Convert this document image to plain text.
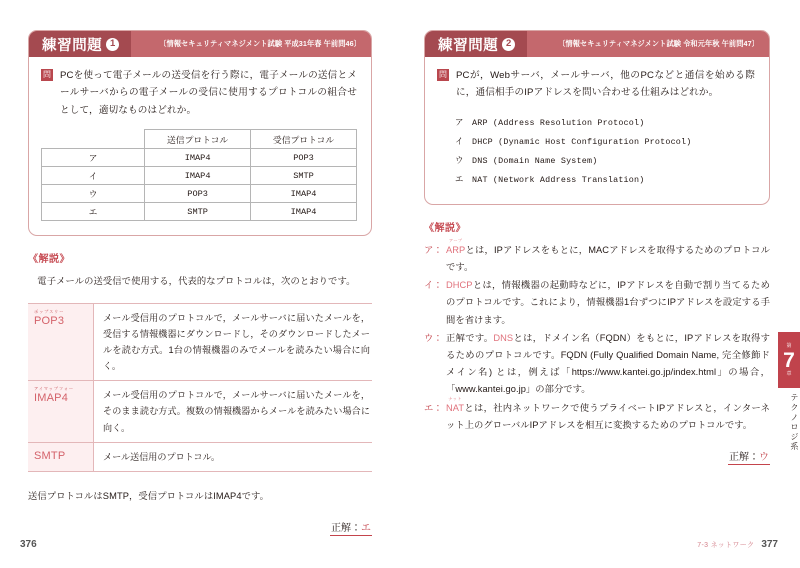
練習問題 1	〔情報セキュリティマネジメント試験 平成31年春 午前問46〕
問 PCを使って電子メールの送受信を行う際に，電子メールの送信とメールサーバからの電子メールの受信に使用するプロトコルの組合せとして，適切なものはどれか。
	送信プロトコル	受信プロトコル
ア	IMAP4	POP3
イ	IMAP4	SMTP
ウ	POP3	IMAP4
エ	SMTP	IMAP4
《解説》
電子メールの送受信で使用する，代表的なプロトコルは，次のとおりです。
ポップスリー
POP3	メール受信用のプロトコルで，メールサーバに届いたメールを，受信する情報機器にダウンロードし，そのダウンロードしたメールを読む方式。1台の情報機器のみでメールを読みたい場合に向く。

アイマップフォー
IMAP4	メール受信用のプロトコルで，メールサーバに届いたメールを，そのまま読む方式。複数の情報機器からメールを読みたい場合に向く。

SMTP	メール送信用のプロトコル。
送信プロトコルはSMTP，受信プロトコルはIMAP4です。
正解：エ
376
練習問題 2	〔情報セキュリティマネジメント試験 令和元年秋 午前問47〕
問 PCが，Webサーバ，メールサーバ，他のPCなどと通信を始める際に，通信相手のIPアドレスを問い合わせる仕組みはどれか。
ア	ARP (Address Resolution Protocol)
イ	DHCP (Dynamic Host Configuration Protocol)
ウ	DNS (Domain Name System)
エ	NAT (Network Address Translation)
《解説》
ア：
アープ
ARPとは，IPアドレスをもとに，MACアドレスを取得するためのプロトコルです。
イ： DHCPとは，情報機器の起動時などに，IPアドレスを自動で割り当てるためのプロトコルです。これにより，情報機器1台ずつにIPアドレスを設定する手間を省けます。
ウ： 正解です。
DNSとは，ドメイン名（FQDN）をもとに，IPアドレスを取得するためのプロトコルです。FQDN (Fully Qualified Domain Name, 完全修飾ドメイン名) とは，例えば「https://www.kantei.go.jp/index.html」の場合，「www.kantei.go.jp」の部分です。
エ：
ナット
NATとは，社内ネットワークで使うプライベートIPアドレスと，インターネット上のグローバルIPアドレスを相互に変換するためのプロトコルです。
正解：ウ
第
7
章
テクノロジ系
7-3 ネットワーク 377
